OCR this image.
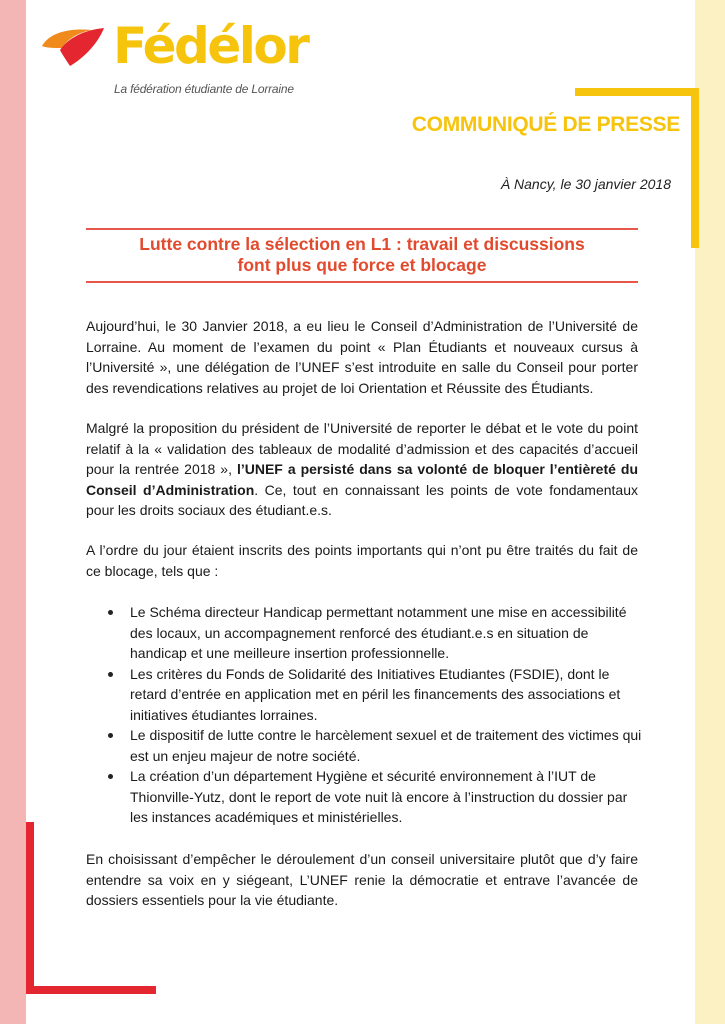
Fédélor
La fédération étudiante de Lorraine
COMMUNIQUÉ DE PRESSE
À Nancy, le 30 janvier 2018
Lutte contre la sélection en L1 : travail et discussions
font plus que force et blocage
Aujourd’hui, le 30 Janvier 2018, a eu lieu le Conseil d’Administration de l’Université de Lorraine. Au moment de l’examen du point « Plan Étudiants et nouveaux cursus à l’Université », une délégation de l’UNEF s’est introduite en salle du Conseil pour porter des revendications relatives au projet de loi Orientation et Réussite des Étudiants.
Malgré la proposition du président de l’Université de reporter le débat et le vote du point relatif à la « validation des tableaux de modalité d’admission et des capacités d’accueil pour la rentrée 2018 », l’UNEF a persisté dans sa volonté de bloquer l’entièreté du Conseil d’Administration. Ce, tout en connaissant les points de vote fondamentaux pour les droits sociaux des étudiant.e.s.
A l’ordre du jour étaient inscrits des points importants qui n’ont pu être traités du fait de ce blocage, tels que :
Le Schéma directeur Handicap permettant notamment une mise en accessibilité des locaux, un accompagnement renforcé des étudiant.e.s en situation de handicap et une meilleure insertion professionnelle.
Les critères du Fonds de Solidarité des Initiatives Etudiantes (FSDIE), dont le retard d’entrée en application met en péril les financements des associations et initiatives étudiantes lorraines.
Le dispositif de lutte contre le harcèlement sexuel et de traitement des victimes qui est un enjeu majeur de notre société.
La création d’un département Hygiène et sécurité environnement à l’IUT de Thionville-Yutz, dont le report de vote nuit là encore à l’instruction du dossier par les instances académiques et ministérielles.
En choisissant d’empêcher le déroulement d’un conseil universitaire plutôt que d’y faire entendre sa voix en y siégeant, L’UNEF renie la démocratie et entrave l’avancée de dossiers essentiels pour la vie étudiante.
